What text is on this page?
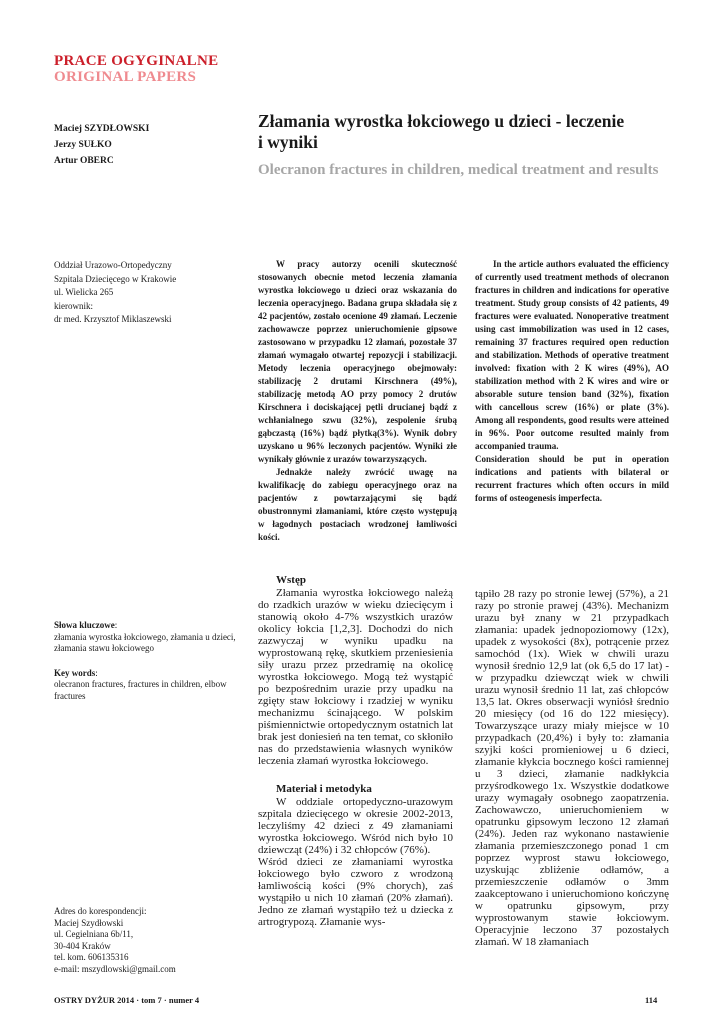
PRACE OGYGINALNE
ORIGINAL PAPERS
Maciej SZYDŁOWSKI
Jerzy SUŁKO
Artur OBERC
Złamania wyrostka łokciowego u dzieci - leczenie
i wyniki
Olecranon fractures in children, medical treatment and results
Oddział Urazowo-Ortopedyczny
Szpitala Dziecięcego w Krakowie
ul. Wielicka 265
kierownik:
dr med. Krzysztof Miklaszewski

W pracy autorzy ocenili skuteczność stosowanych obecnie metod leczenia złamania wyrostka łokciowego u dzieci oraz wskazania do leczenia operacyjnego. Badana grupa składała się z 42 pacjentów, zostało ocenione 49 złamań. Leczenie zachowawcze poprzez unieruchomienie gipsowe zastosowano w przypadku 12 złamań, pozostałe 37 złamań wymagało otwartej repozycji i stabilizacji. Metody leczenia operacyjnego obejmowały: stabilizację 2 drutami Kirschnera (49%), stabilizację metodą AO przy pomocy 2 drutów Kirschnera i dociskającej pętli drucianej bądź z wchłanialnego szwu (32%), zespolenie śrubą gąbczastą (16%) bądź płytką(3%). Wynik dobry uzyskano u 96% leczonych pacjentów. Wyniki złe wynikały głównie z urazów towarzyszących.

Jednakże należy zwrócić uwagę na kwalifikację do zabiegu operacyjnego oraz na pacjentów z powtarzającymi się bądź obustronnymi złamaniami, które często występują w łagodnych postaciach wrodzonej łamliwości kości.

In the article authors evaluated the efficiency of currently used treatment methods of olecranon fractures in children and indications for operative treatment. Study group consists of 42 patients, 49 fractures were evaluated. Nonoperative treatment using cast immobilization was used in 12 cases, remaining 37 fractures required open reduction and stabilization. Methods of operative treatment involved: fixation with 2 K wires (49%), AO stabilization method with 2 K wires and wire or absorable suture tension band (32%), fixation with cancellous screw (16%) or plate (3%). Among all respondents, good results were atteined in 96%. Poor outcome resulted mainly from accompanied trauma.

Consideration should be put in operation indications and patients with bilateral or recurrent fractures which often occurs in mild forms of osteogenesis imperfecta.

Słowa kluczowe:

złamania wyrostka łokciowego, złamania u dzieci, złamania stawu łokciowego

Key words:

olecranon fractures, fractures in children, elbow fractures

Wstęp

Złamania wyrostka łokciowego należą do rzadkich urazów w wieku dziecięcym i stanowią około 4-7% wszystkich urazów okolicy łokcia [1,2,3]. Dochodzi do nich zazwyczaj w wyniku upadku na wyprostowaną rękę, skutkiem przeniesienia siły urazu przez przedramię na okolicę wyrostka łokciowego. Mogą też wystąpić po bezpośrednim urazie przy upadku na zgięty staw łokciowy i rzadziej w wyniku mechanizmu ścinającego. W polskim piśmiennictwie ortopedycznym ostatnich lat brak jest doniesień na ten temat, co skłoniło nas do przedstawienia własnych wyników leczenia złamań wyrostka łokciowego.

Materiał i metodyka

W oddziale ortopedyczno-urazowym szpitala dziecięcego w okresie 2002-2013, leczyliśmy 42 dzieci z 49 złamaniami wyrostka łokciowego. Wśród nich było 10 dziewcząt (24%) i 32 chłopców (76%).

Wśród dzieci ze złamaniami wyrostka łokciowego było czworo z wrodzoną łamliwością kości (9% chorych), zaś wystąpiło u nich 10 złamań (20% złamań). Jedno ze złamań wystąpiło też u dziecka z artrogrypozą. Złamanie wys-

tąpiło 28 razy po stronie lewej (57%), a 21 razy po stronie prawej (43%). Mechanizm urazu był znany w 21 przypadkach złamania: upadek jednopoziomowy (12x), upadek z wysokości (8x), potrącenie przez samochód (1x). Wiek w chwili urazu wynosił średnio 12,9 lat (ok 6,5 do 17 lat) - w przypadku dziewcząt wiek w chwili urazu wynosił średnio 11 lat, zaś chłopców 13,5 lat. Okres obserwacji wyniósł średnio 20 miesięcy (od 16 do 122 miesięcy). Towarzyszące urazy miały miejsce w 10 przypadkach (20,4%) i były to: złamania szyjki kości promieniowej u 6 dzieci, złamanie kłykcia bocznego kości ramiennej u 3 dzieci, złamanie nadkłykcia przyśrodkowego 1x. Wszystkie dodatkowe urazy wymagały osobnego zaopatrzenia. Zachowawczo, unieruchomieniem w opatrunku gipsowym leczono 12 złamań (24%). Jeden raz wykonano nastawienie złamania przemieszczonego ponad 1 cm poprzez wyprost stawu łokciowego, uzyskując zbliżenie odłamów, a przemieszczenie odłamów o 3mm zaakceptowano i unieruchomiono kończynę w opatrunku gipsowym, przy wyprostowanym stawie łokciowym. Operacyjnie leczono 37 pozostałych złamań. W 18 złamaniach

Adres do korespondencji:
Maciej Szydłowski
ul. Cegielniana 6b/11,
30-404 Kraków
tel. kom. 606135316
e-mail: mszydlowski@gmail.com
OSTRY DYŻUR 2014 · tom 7 · numer 4	114
